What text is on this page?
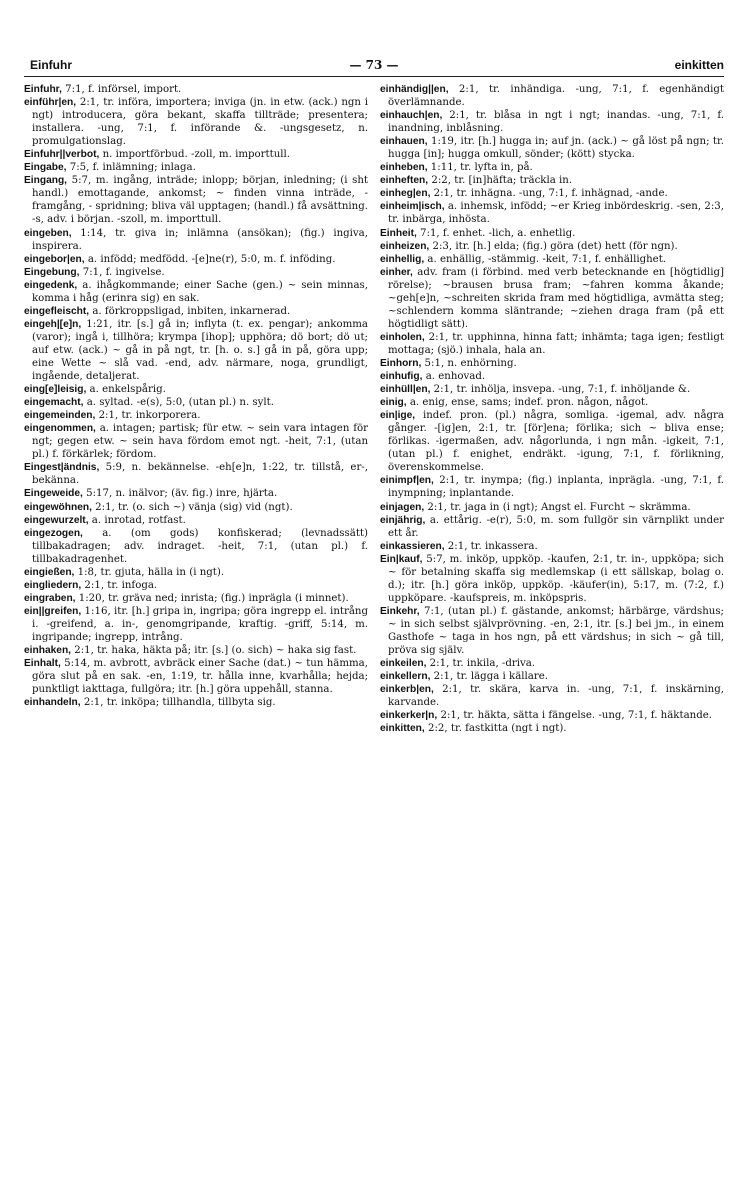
Einfuhr	— 73 —	einkitten

Einfuhr, 7:1, f. införsel, import.

einführ|en, 2:1, tr. införa, importera; inviga (jn. in etw. (ack.) ngn i ngt) introducera, göra bekant, skaffa tillträde; presentera; installera. -ung, 7:1, f. införande &. -ungsgesetz, n. promulgationslag.

Einfuhr||verbot, n. importförbud. -zoll, m. importtull.

Eingabe, 7:5, f. inlämning; inlaga.

Eingang, 5:7, m. ingång, inträde; inlopp; början, inledning; (i sht handl.) emottagande, ankomst; ~ finden vinna inträde, - framgång, - spridning; bliva väl upptagen; (handl.) få avsättning. -s, adv. i början. -szoll, m. importtull.

eingeben, 1:14, tr. giva in; inlämna (ansökan); (fig.) ingiva, inspirera.

eingebor|en, a. infödd; medfödd. -[e]ne(r), 5:0, m. f. inföding.

Eingebung, 7:1, f. ingivelse.

eingedenk, a. ihågkommande; einer Sache (gen.) ~ sein minnas, komma i håg (erinra sig) en sak.

eingefleischt, a. förkroppsligad, inbiten, inkarnerad.

eingeh|[e]n, 1:21, itr. [s.] gå in; inflyta (t. ex. pengar); ankomma (varor); ingå i, tillhöra; krympa [ihop]; upphöra; dö bort; dö ut; auf etw. (ack.) ~ gå in på ngt, tr. [h. o. s.] gå in på, göra upp; eine Wette ~ slå vad. -end, adv. närmare, noga, grundligt, ingående, detaljerat.

eing[e]leisig, a. enkelspårig.

eingemacht, a. syltad. -e(s), 5:0, (utan pl.) n. sylt.

eingemeinden, 2:1, tr. inkorporera.

eingenommen, a. intagen; partisk; für etw. ~ sein vara intagen för ngt; gegen etw. ~ sein hava fördom emot ngt. -heit, 7:1, (utan pl.) f. förkärlek; fördom.

Eingest|ändnis, 5:9, n. bekännelse. -eh[e]n, 1:22, tr. tillstå, er-, bekänna.

Eingeweide, 5:17, n. inälvor; (äv. fig.) inre, hjärta.

eingewöhnen, 2:1, tr. (o. sich ~) vänja (sig) vid (ngt).

eingewurzelt, a. inrotad, rotfast.

eingezogen, a. (om gods) konfiskerad; (levnadssätt) tillbakadragen; adv. indraget. -heit, 7:1, (utan pl.) f. tillbakadragenhet.

eingießen, 1:8, tr. gjuta, hälla in (i ngt).

eingliedern, 2:1, tr. infoga.

eingraben, 1:20, tr. gräva ned; inrista; (fig.) inprägla (i minnet).

ein||greifen, 1:16, itr. [h.] gripa in, ingripa; göra ingrepp el. intrång i. -greifend, a. in-, genomgripande, kraftig. -griff, 5:14, m. ingripande; ingrepp, intrång.

einhaken, 2:1, tr. haka, häkta på; itr. [s.] (o. sich) ~ haka sig fast.

Einhalt, 5:14, m. avbrott, avbräck einer Sache (dat.) ~ tun hämma, göra slut på en sak. -en, 1:19, tr. hålla inne, kvarhålla; hejda; punktligt iakttaga, fullgöra; itr. [h.] göra uppehåll, stanna.

einhandeln, 2:1, tr. inköpa; tillhandla, tillbyta sig.

einhändig||en, 2:1, tr. inhändiga. -ung, 7:1, f. egenhändigt överlämnande.

einhauch|en, 2:1, tr. blåsa in ngt i ngt; inandas. -ung, 7:1, f. inandning, inblåsning.

einhauen, 1:19, itr. [h.] hugga in; auf jn. (ack.) ~ gå löst på ngn; tr. hugga [in]; hugga omkull, sönder; (kött) stycka.

einheben, 1:11, tr. lyfta in, på.

einheften, 2:2, tr. [in]häfta; träckla in.

einheg|en, 2:1, tr. inhägna. -ung, 7:1, f. inhägnad, -ande.

einheim|isch, a. inhemsk, infödd; ~er Krieg inbördeskrig. -sen, 2:3, tr. inbärga, inhösta.

Einheit, 7:1, f. enhet. -lich, a. enhetlig.

einheizen, 2:3, itr. [h.] elda; (fig.) göra (det) hett (för ngn).

einhellig, a. enhällig, -stämmig. -keit, 7:1, f. enhällighet.

einher, adv. fram (i förbind. med verb betecknande en [högtidlig] rörelse); ~brausen brusa fram; ~fahren komma åkande; ~geh[e]n, ~schreiten skrida fram med högtidliga, avmätta steg; ~schlendern komma släntrande; ~ziehen draga fram (på ett högtidligt sätt).

einholen, 2:1, tr. upphinna, hinna fatt; inhämta; taga igen; festligt mottaga; (sjö.) inhala, hala an.

Einhorn, 5:1, n. enhörning.

einhufig, a. enhovad.

einhüll|en, 2:1, tr. inhölja, insvepa. -ung, 7:1, f. inhöljande &.

einig, a. enig, ense, sams; indef. pron. någon, något.

ein|ige, indef. pron. (pl.) några, somliga. -igemal, adv. några gånger. -[ig]en, 2:1, tr. [för]ena; förlika; sich ~ bliva ense; förlikas. -igermaßen, adv. någorlunda, i ngn mån. -igkeit, 7:1, (utan pl.) f. enighet, endräkt. -igung, 7:1, f. förlikning, överenskommelse.

einimpf|en, 2:1, tr. inympa; (fig.) inplanta, inprägla. -ung, 7:1, f. inympning; inplantande.

einjagen, 2:1, tr. jaga in (i ngt); Angst el. Furcht ~ skrämma.

einjährig, a. ettårig. -e(r), 5:0, m. som fullgör sin värnplikt under ett år.

einkassieren, 2:1, tr. inkassera.

Ein|kauf, 5:7, m. inköp, uppköp. -kaufen, 2:1, tr. in-, uppköpa; sich ~ för betalning skaffa sig medlemskap (i ett sällskap, bolag o. d.); itr. [h.] göra inköp, uppköp. -käufer(in), 5:17, m. (7:2, f.) uppköpare. -kaufspreis, m. inköpspris.

Einkehr, 7:1, (utan pl.) f. gästande, ankomst; härbärge, värdshus; ~ in sich selbst självprövning. -en, 2:1, itr. [s.] bei jm., in einem Gasthofe ~ taga in hos ngn, på ett värdshus; in sich ~ gå till, pröva sig själv.

einkeilen, 2:1, tr. inkila, -driva.

einkellern, 2:1, tr. lägga i källare.

einkerb|en, 2:1, tr. skära, karva in. -ung, 7:1, f. inskärning, karvande.

einkerker|n, 2:1, tr. häkta, sätta i fängelse. -ung, 7:1, f. häktande.

einkitten, 2:2, tr. fastkitta (ngt i ngt).
